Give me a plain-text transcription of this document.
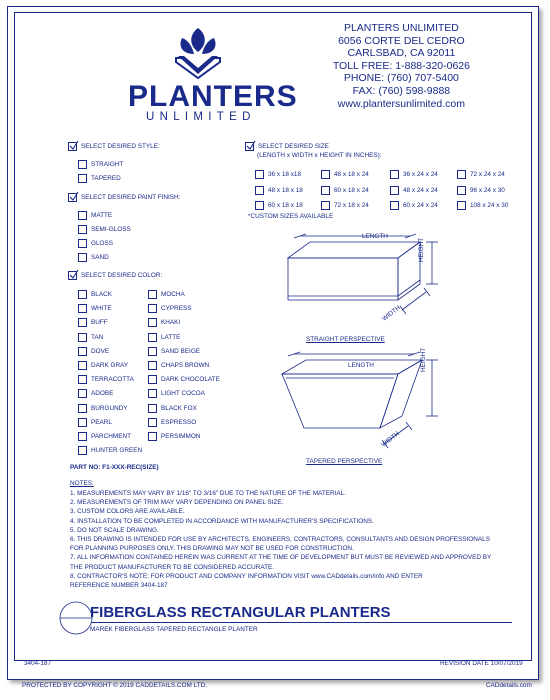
PLANTERS
UNLIMITED
PLANTERS UNLIMITED
6056 CORTE DEL CEDRO
CARLSBAD, CA 92011
TOLL FREE: 1-888-320-0626
PHONE: (760) 707-5400
FAX: (760) 598-9888
www.plantersunlimited.com
SELECT DESIRED STYLE:
STRAIGHT
TAPERED
SELECT DESIRED PAINT FINISH:
MATTE
SEMI-GLOSS
GLOSS
SAND
SELECT DESIRED COLOR:
SELECT DESIRED SIZE
(LENGTH x WIDTH x HEIGHT IN INCHES):
*CUSTOM SIZES AVAILABLE
LENGTH
HEIGHT
WIDTH
STRAIGHT PERSPECTIVE
LENGTH	HEIGHT
WIDTH
TAPERED PERSPECTIVE
PART NO: F1-XXX-REC(SIZE)
NOTES:
FIBERGLASS RECTANGULAR PLANTERS
MAREK FIBERGLASS TAPERED RECTANGLE PLANTER
3404-187	REVISION DATE 10/07/2019
PROTECTED BY COPYRIGHT © 2019 CADDETAILS.COM LTD.	CADdetails.com
BLACK
WHITE
BUFF
TAN
DOVE
DARK GRAY
TERRACOTTA
ADOBE
BURGUNDY
PEARL
PARCHMENT
HUNTER GREEN
MOCHA
CYPRESS
KHAKI
LATTE
SAND BEIGE
CHAPS BROWN
DARK CHOCOLATE
LIGHT COCOA
BLACK FOX
ESPRESSO
PERSIMMON
36 x 18 x18	48 x 18 x 24	36 x 24 x 24	72 x 24 x 24
48 x 18 x 18	60 x 18 x 24	48 x 24 x 24	96 x 24 x 30
60 x 18 x 18	72 x 18 x 24	60 x 24 x 24	108 x 24 x 30
1. MEASUREMENTS MAY VARY BY 1/16" TO 3/16" DUE TO THE NATURE OF THE MATERIAL.
2. MEASUREMENTS OF TRIM MAY VARY DEPENDING ON PANEL SIZE.
3. CUSTOM COLORS ARE AVAILABLE.
4. INSTALLATION TO BE COMPLETED IN ACCORDANCE WITH MANUFACTURER'S SPECIFICATIONS.
5. DO NOT SCALE DRAWING.
6. THIS DRAWING IS INTENDED FOR USE BY ARCHITECTS, ENGINEERS, CONTRACTORS, CONSULTANTS AND DESIGN PROFESSIONALS
FOR PLANNING PURPOSES ONLY. THIS DRAWING MAY NOT BE USED FOR CONSTRUCTION.
7. ALL INFORMATION CONTAINED HEREIN WAS CURRENT AT THE TIME OF DEVELOPMENT BUT MUST BE REVIEWED AND APPROVED BY
THE PRODUCT MANUFACTURER TO BE CONSIDERED ACCURATE.
8. CONTRACTOR'S NOTE: FOR PRODUCT AND COMPANY INFORMATION VISIT www.CADdetails.com/info AND ENTER
REFERENCE NUMBER 3404-187
